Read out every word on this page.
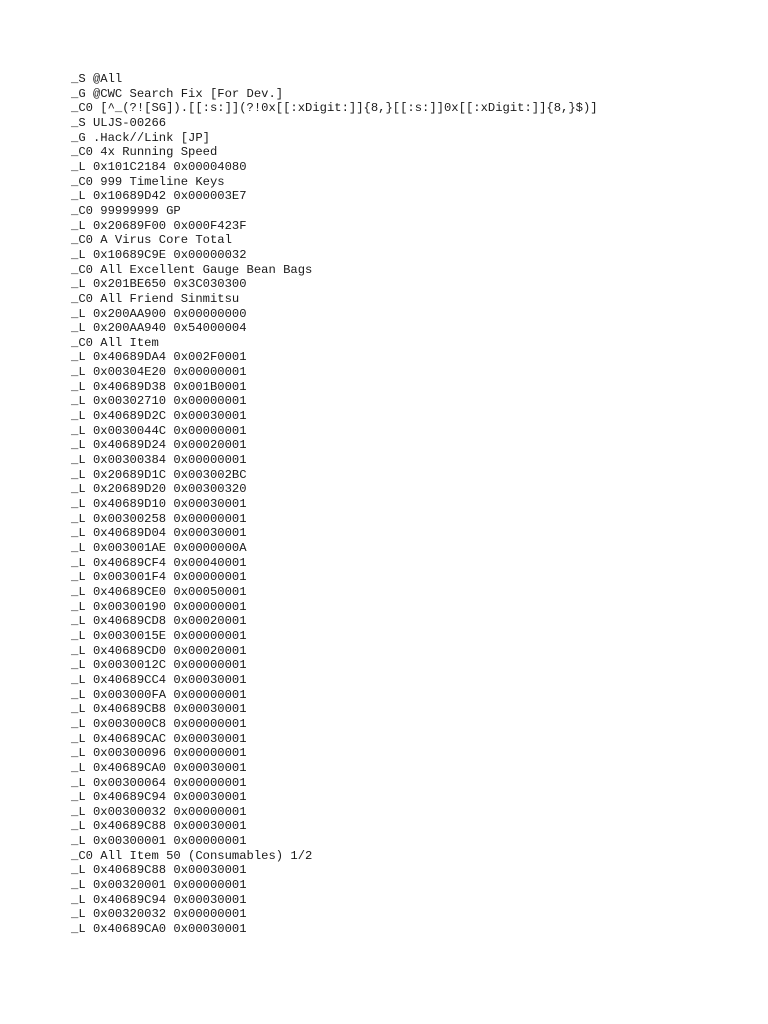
_S @All
_G @CWC Search Fix [For Dev.]
_C0 [^_(?![SG]).[[:s:]](?!0x[[:xDigit:]]{8,}[[:s:]]0x[[:xDigit:]]{8,}$)]
_S ULJS-00266
_G .Hack//Link [JP]
_C0 4x Running Speed
_L 0x101C2184 0x00004080
_C0 999 Timeline Keys
_L 0x10689D42 0x000003E7
_C0 99999999 GP
_L 0x20689F00 0x000F423F
_C0 A Virus Core Total
_L 0x10689C9E 0x00000032
_C0 All Excellent Gauge Bean Bags
_L 0x201BE650 0x3C030300
_C0 All Friend Sinmitsu
_L 0x200AA900 0x00000000
_L 0x200AA940 0x54000004
_C0 All Item
_L 0x40689DA4 0x002F0001
_L 0x00304E20 0x00000001
_L 0x40689D38 0x001B0001
_L 0x00302710 0x00000001
_L 0x40689D2C 0x00030001
_L 0x0030044C 0x00000001
_L 0x40689D24 0x00020001
_L 0x00300384 0x00000001
_L 0x20689D1C 0x003002BC
_L 0x20689D20 0x00300320
_L 0x40689D10 0x00030001
_L 0x00300258 0x00000001
_L 0x40689D04 0x00030001
_L 0x003001AE 0x0000000A
_L 0x40689CF4 0x00040001
_L 0x003001F4 0x00000001
_L 0x40689CE0 0x00050001
_L 0x00300190 0x00000001
_L 0x40689CD8 0x00020001
_L 0x0030015E 0x00000001
_L 0x40689CD0 0x00020001
_L 0x0030012C 0x00000001
_L 0x40689CC4 0x00030001
_L 0x003000FA 0x00000001
_L 0x40689CB8 0x00030001
_L 0x003000C8 0x00000001
_L 0x40689CAC 0x00030001
_L 0x00300096 0x00000001
_L 0x40689CA0 0x00030001
_L 0x00300064 0x00000001
_L 0x40689C94 0x00030001
_L 0x00300032 0x00000001
_L 0x40689C88 0x00030001
_L 0x00300001 0x00000001
_C0 All Item 50 (Consumables) 1/2
_L 0x40689C88 0x00030001
_L 0x00320001 0x00000001
_L 0x40689C94 0x00030001
_L 0x00320032 0x00000001
_L 0x40689CA0 0x00030001
